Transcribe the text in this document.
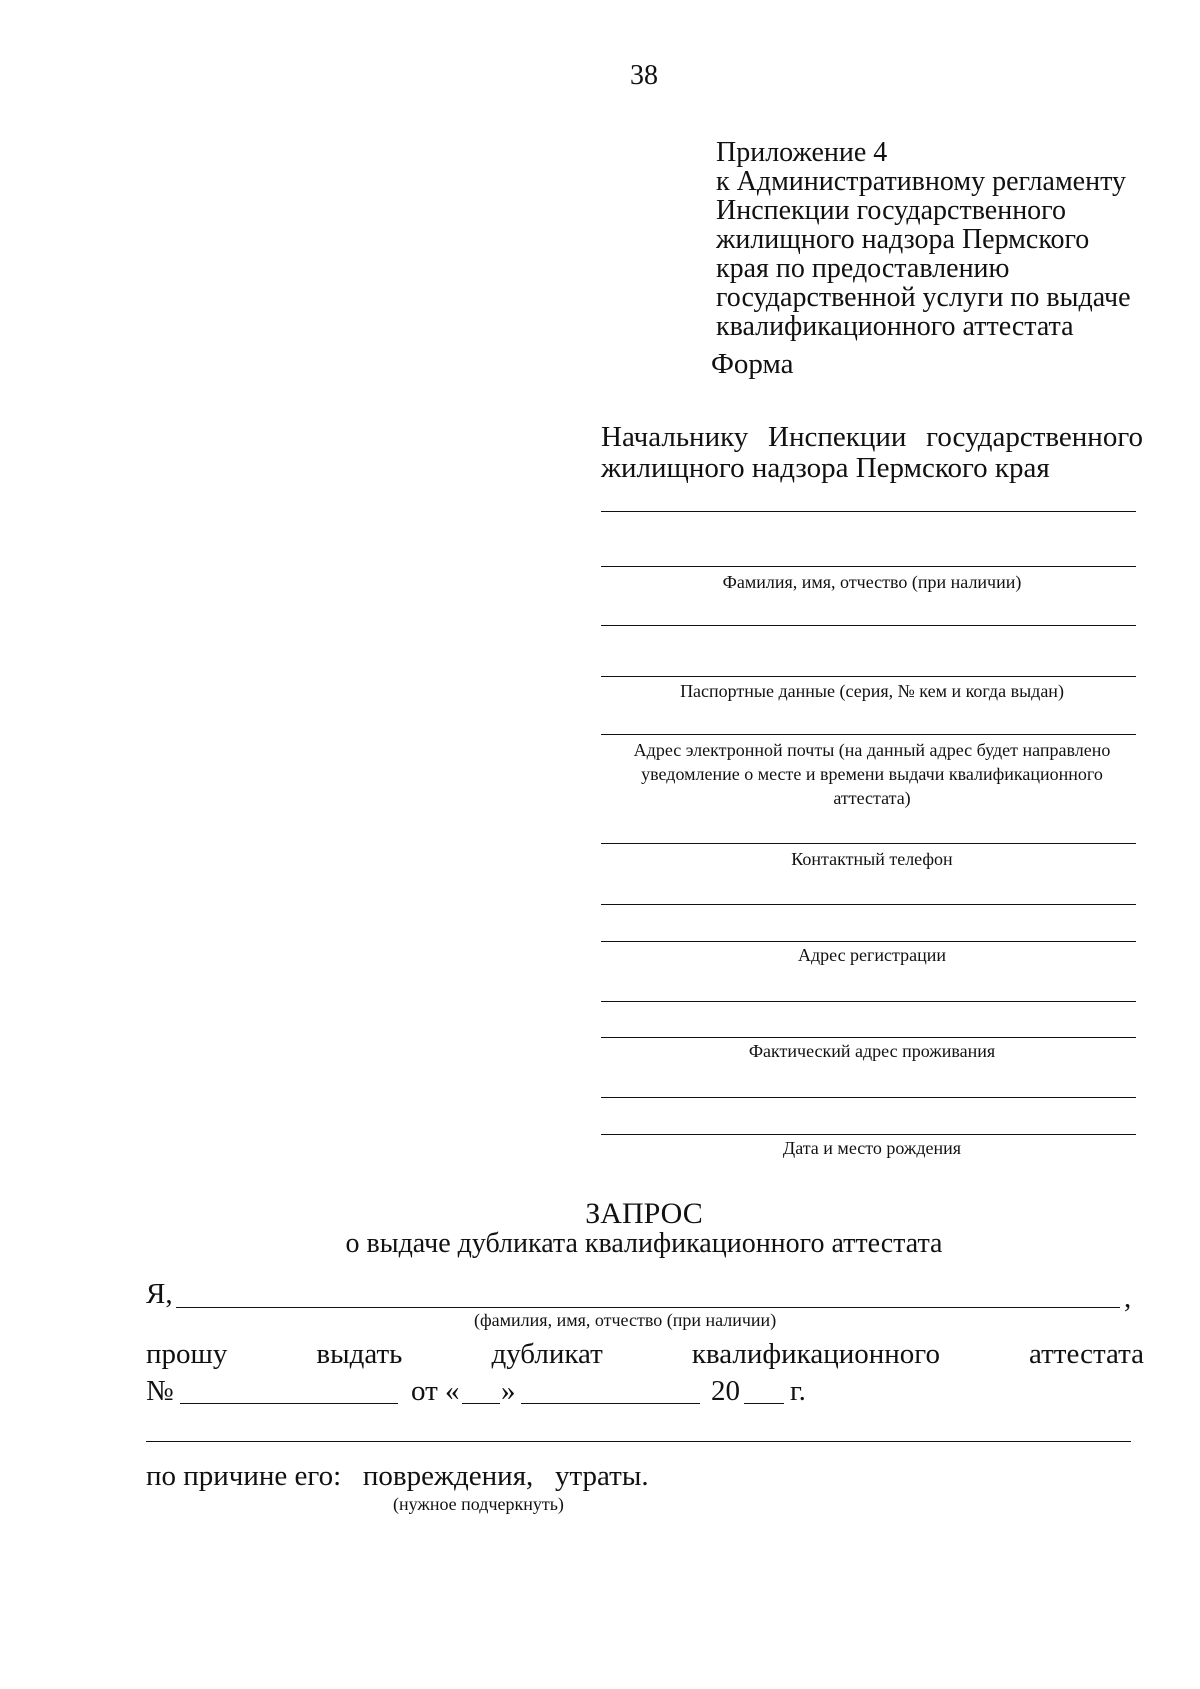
38
Приложение 4
к Административному регламенту
Инспекции государственного
жилищного надзора Пермского
края по предоставлению
государственной услуги по выдаче
квалификационного аттестата
Форма
Начальнику Инспекции государственного
жилищного надзора Пермского края
Фамилия, имя, отчество (при наличии)
Паспортные данные (серия, № кем и когда выдан)
Адрес электронной почты (на данный адрес будет направлено уведомление о месте и времени выдачи квалификационного аттестата)
Контактный телефон
Адрес регистрации
Фактический адрес проживания
Дата и место рождения
ЗАПРОС
о выдаче дубликата квалификационного аттестата
Я,	,
(фамилия, имя, отчество (при наличии)
прошу	выдать	дубликат	квалификационного	аттестата
№	от « »	20 г.
по причине его:   повреждения,   утраты.
(нужное подчеркнуть)
